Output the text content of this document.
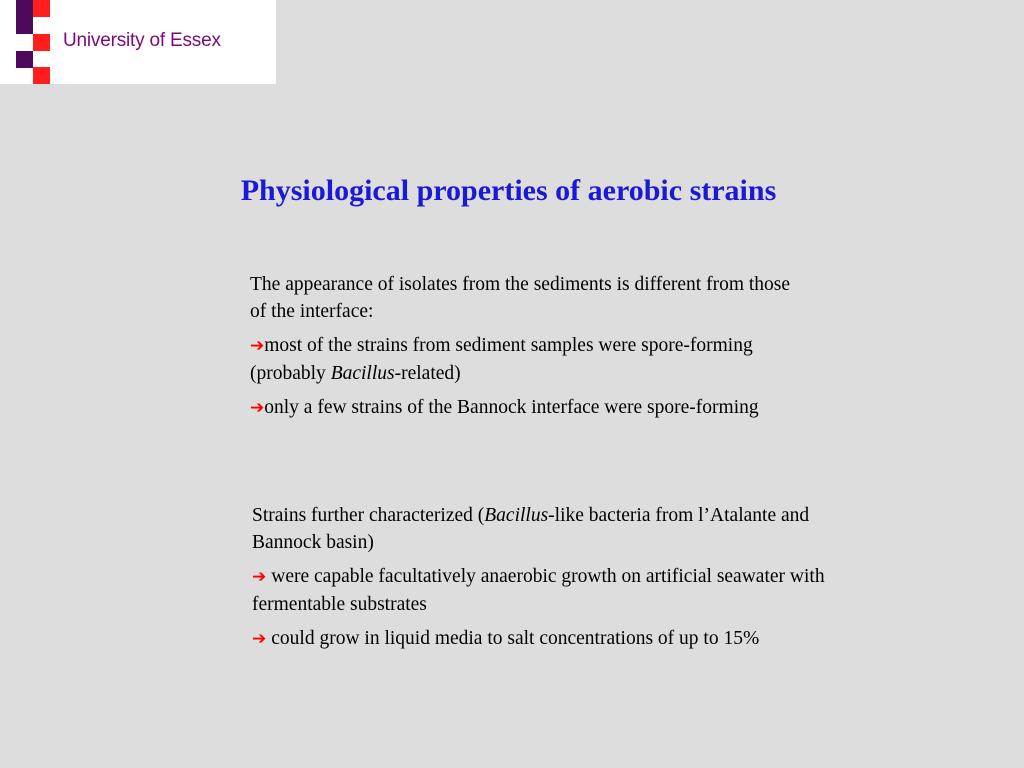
University of Essex
Physiological properties of aerobic strains

The appearance of isolates from the sediments is different from those of the interface:

➔most of the strains from sediment samples were spore-forming (probably Bacillus-related)

➔only a few strains of the Bannock interface were spore-forming

Strains further characterized (Bacillus-like bacteria from l’Atalante and Bannock basin)

➔ were capable facultatively anaerobic growth on artificial seawater with fermentable substrates

➔ could grow in liquid media to salt concentrations of up to 15%
